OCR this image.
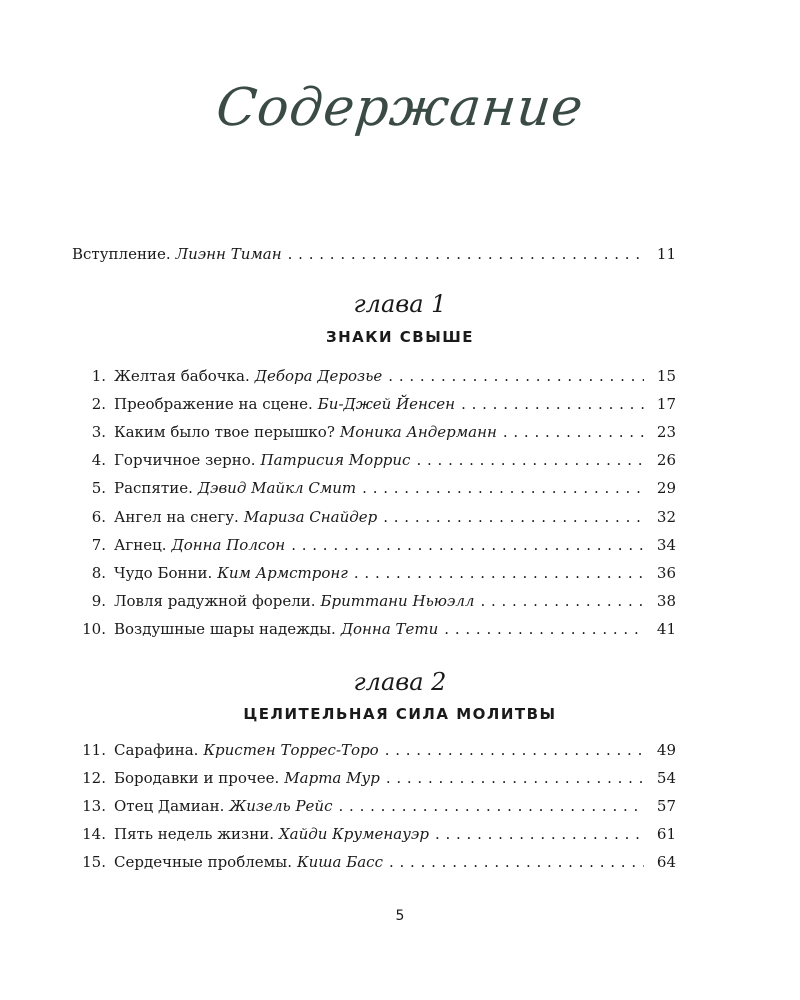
Содержание
Вступление. Лиэнн Тиман . . .	11
глава 1
ЗНАКИ СВЫШЕ
1. Желтая бабочка. Дебора Дерозье . . .	15
2. Преображение на сцене. Би-Джей Йенсен . . .	17
3. Каким было твое перышко? Моника Андерманн . . .	23
4. Горчичное зерно. Патрисия Моррис . . .	26
5. Распятие. Дэвид Майкл Смит . . .	29
6. Ангел на снегу. Мариза Снайдер . . .	32
7. Агнец. Донна Полсон . . .	34
8. Чудо Бонни. Ким Армстронг . . .	36
9. Ловля радужной форели. Бриттани Ньюэлл . . .	38
10. Воздушные шары надежды. Донна Тети . . .	41
глава 2
ЦЕЛИТЕЛЬНАЯ СИЛА МОЛИТВЫ
11. Сарафина. Кристен Торрес-Торо . . .	49
12. Бородавки и прочее. Марта Мур . . .	54
13. Отец Дамиан. Жизель Рейс . . .	57
14. Пять недель жизни. Хайди Круменауэр . . .	61
15. Сердечные проблемы. Киша Басс . . .	64
5
